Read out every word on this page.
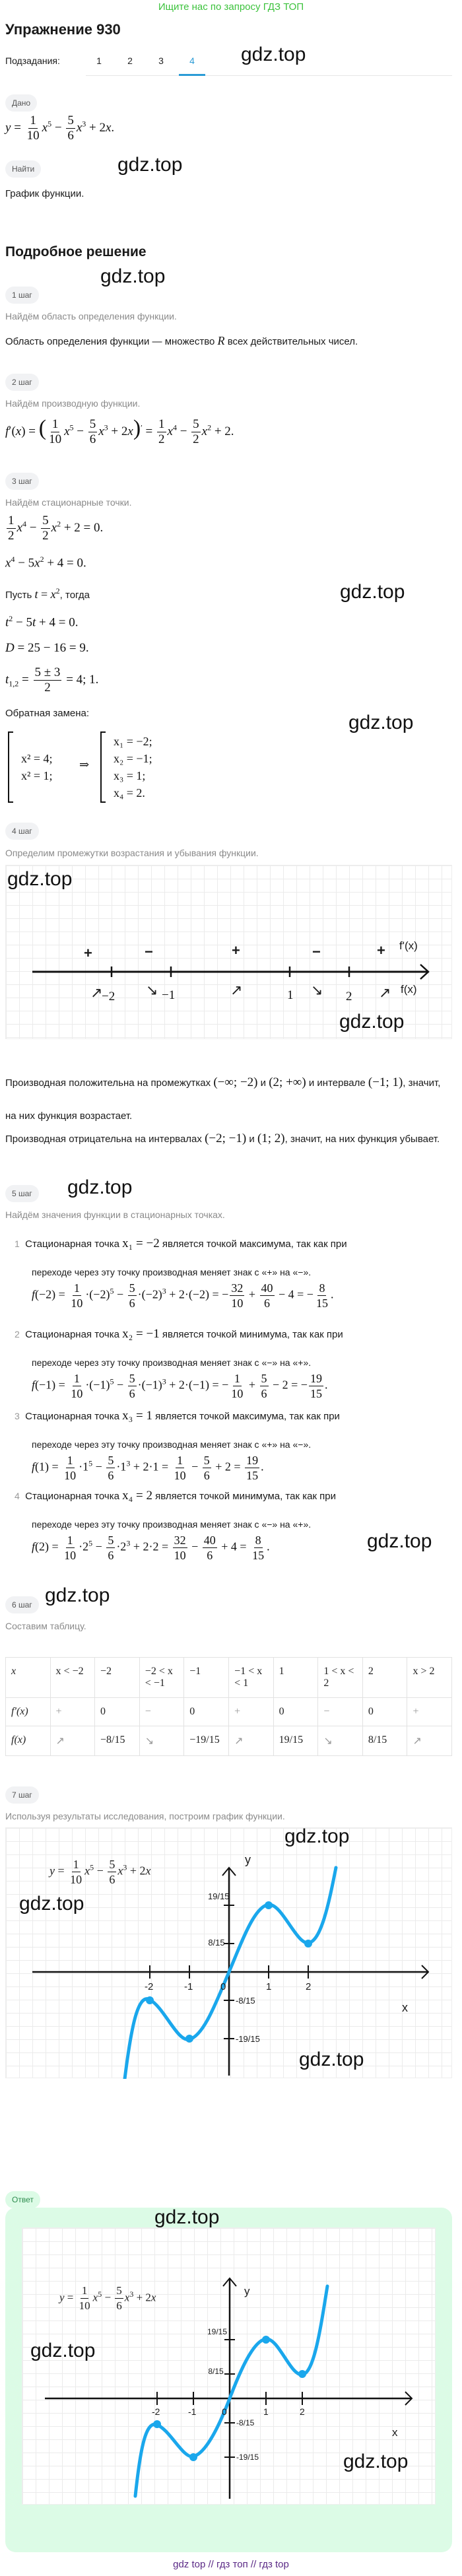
Ищите нас по запросу ГДЗ ТОП
Упражнение 930
Подзадания:	1	2	3	4	gdz.top
Дано
$y = \frac{1}{10} x^5 - \frac{5}{6} x^3 + 2x$.
Найти	gdz.top
График функции.
Подробное решение
gdz.top
1 шаг
Найдём область определения функции.
Область определения функции — множество R всех действительных чисел.
2 шаг
Найдём производную функции.
f′(x) = ( $\frac{1}{10} x^5 - \frac{5}{6} x^3 + 2x)' = \frac{1}{2} x^4 - \frac{5}{2} x^2 + 2$.
3 шаг
Найдём стационарные точки.
$\frac{1}{2} x^4 - \frac{5}{2} x^2 + 2 = 0$.
$x^4 - 5x^2 + 4 = 0$.
Пусть $t = x^2$, тогда	gdz.top
$t^2 - 5t + 4 = 0$.
D = 25 − 16 = 9.
$t_{1,2} = \frac{5 \pm 3}{2} = 4$; 1.
Обратная замена:	gdz.top
x² = 4;
x² = 1;
⇒
x₁ = −2;
x₂ = −1;
x₃ = 1;
x₄ = 2.
4 шаг
Определим промежутки возрастания и убывания функции.
gdz.top
−2	−1	1	2
+	−	+	−	+
↗	↘	↗	↘	↗
f'(x)
f(x)
gdz.top
Производная положительна на промежутках (−∞; −2) и (2; +∞) и интервале (−1; 1), значит, на них функция возрастает.
Производная отрицательна на интервалах (−2; −1) и (1; 2), значит, на них функция убывает.
5 шаг	gdz.top
Найдём значения функции в стационарных точках.
1 Стационарная точка x₁ = −2 является точкой максимума, так как при
переходе через эту точку производная меняет знак с «+» на «−».
$f(-2) = \frac{1}{10} \cdot(-2)^5 - \frac{5}{6} \cdot(-2)^3 + 2\cdot(-2)$ = − $\frac{32}{10} + \frac{40}{6} - 4$ = − $\frac{8}{15}$ .
2 Стационарная точка x₂ = −1 является точкой минимума, так как при
переходе через эту точку производная меняет знак с «−» на «+».
$f(-1) = \frac{1}{10} \cdot(-1)^5 - \frac{5}{6} \cdot(-1)^3 + 2\cdot(-1)$ = − $\frac{1}{10} + \frac{5}{6} - 2$ = − $\frac{19}{15}$ .
3 Стационарная точка x₃ = 1 является точкой максимума, так как при
переходе через эту точку производная меняет знак с «+» на «−».
$f(1) = \frac{1}{10} \cdot 1^5 - \frac{5}{6} \cdot 1^3 + 2\cdot 1 = \frac{1}{10} - \frac{5}{6} + 2 = \frac{19}{15}$ .
4 Стационарная точка x₄ = 2 является точкой минимума, так как при
переходе через эту точку производная меняет знак с «−» на «+».
$f(2) = \frac{1}{10} \cdot 2^5 - \frac{5}{6} \cdot 2^3 + 2\cdot 2 = \frac{32}{10} - \frac{40}{6} + 4 = \frac{8}{15}$ .	gdz.top
6 шаг gdz.top
Составим таблицу.
x	x < −2	−2	−2 < x < −1	−1	−1 < x < 1	1	1 < x < 2	2	x > 2
f′(x)	+	0	−	0	+	0	−	0	+
f(x)	↗	−8/15	↘	−19/15	↗	19/15	↘	8/15	↗
7 шаг
Используя результаты исследования, построим график функции.
gdz.top
gdz.top
gdz.top
$y = \frac{1}{10} x^5 - \frac{5}{6} x^3 + 2x$
y
x
0
-2	-1	1	2
19/15
8/15
-8/15
-19/15
Ответ
$y = \frac{1}{10} x^5 - \frac{5}{6} x^3 + 2x$	y
x
0
-2	-1	1	2
19/15
8/15
-8/15
-19/15
gdz.top
gdz.top
gdz.top
gdz top // гдз топ // гдз top
